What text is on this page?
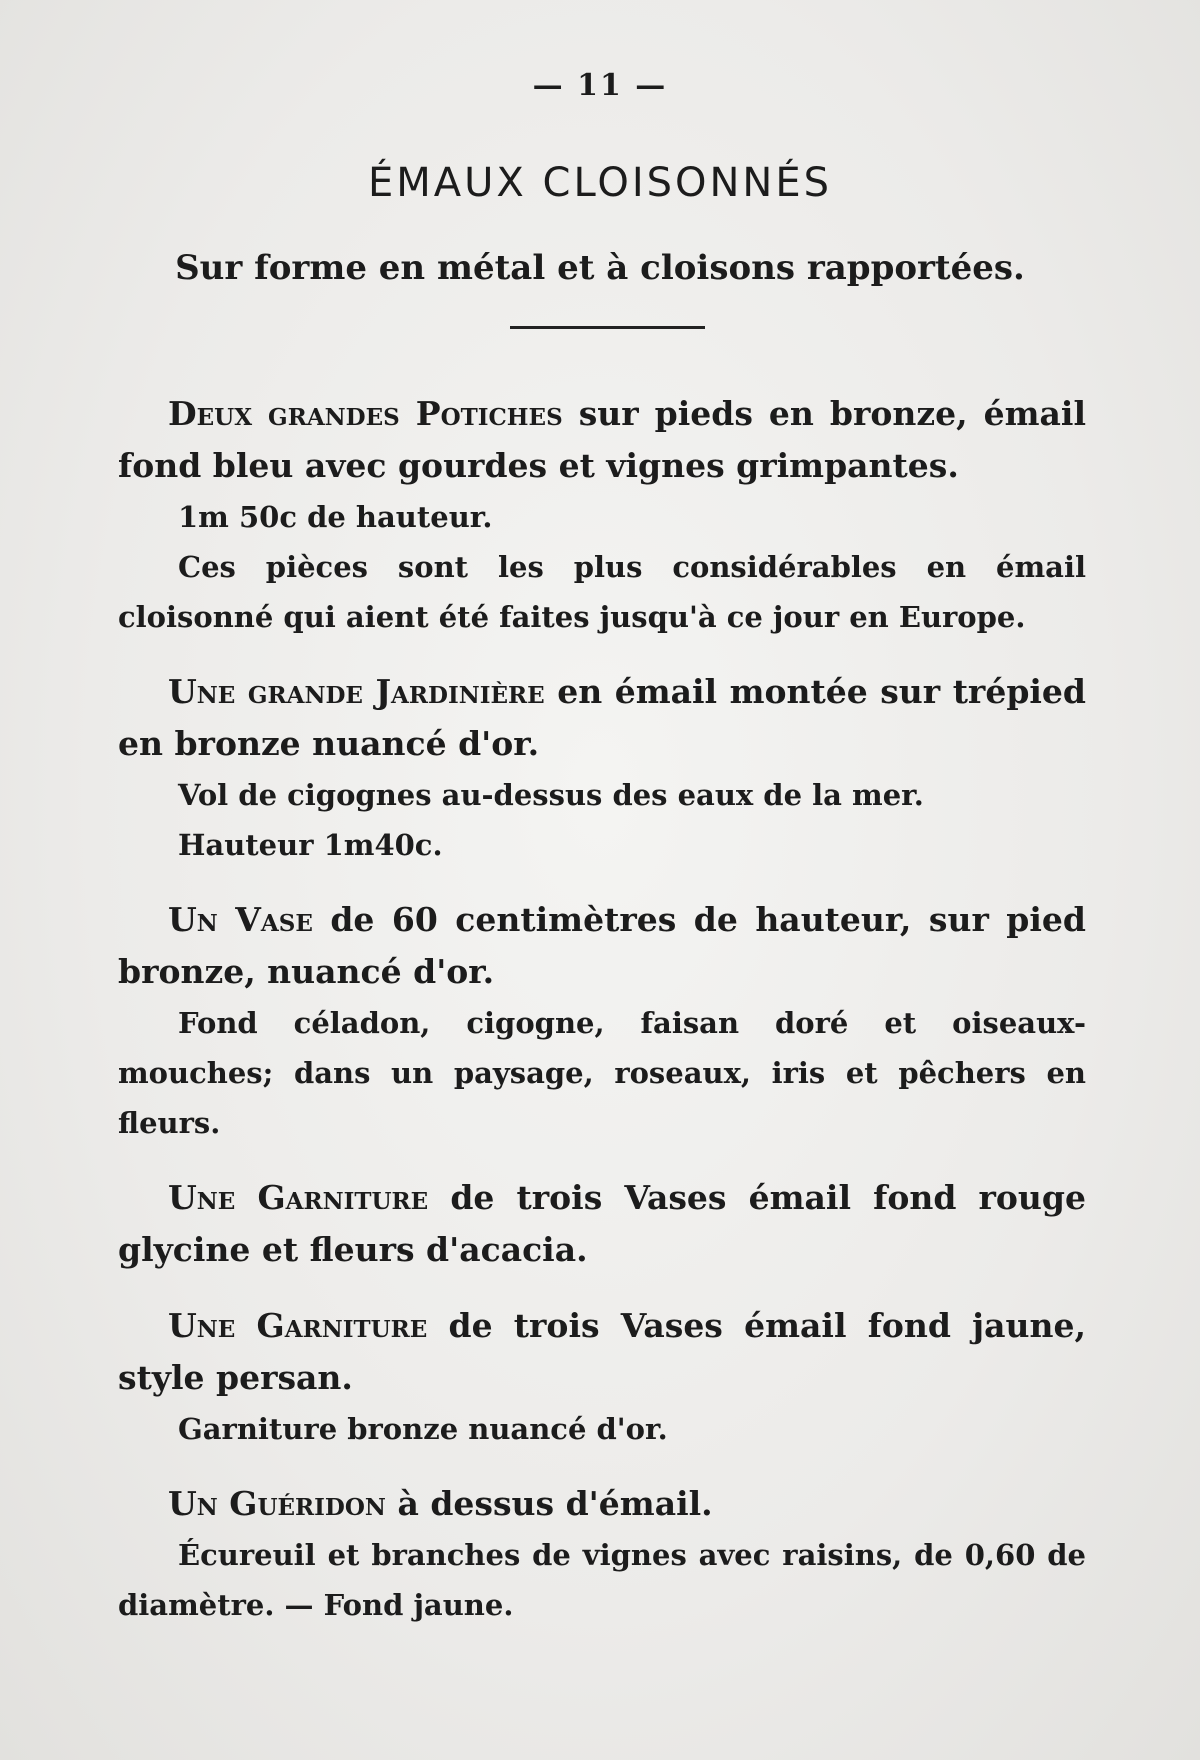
— 11 —
ÉMAUX CLOISONNÉS
Sur forme en métal et à cloisons rapportées.

Deux grandes Potiches sur pieds en bronze, émail fond bleu avec gourdes et vignes grimpantes.

1m 50c de hauteur.

Ces pièces sont les plus considérables en émail cloisonné qui aient été faites jusqu'à ce jour en Europe.

Une grande Jardinière en émail montée sur trépied en bronze nuancé d'or.

Vol de cigognes au-dessus des eaux de la mer.

Hauteur 1m40c.

Un Vase de 60 centimètres de hauteur, sur pied bronze, nuancé d'or.

Fond céladon, cigogne, faisan doré et oiseaux-mouches; dans un paysage, roseaux, iris et pêchers en fleurs.

Une Garniture de trois Vases émail fond rouge glycine et fleurs d'acacia.

Une Garniture de trois Vases émail fond jaune, style persan.

Garniture bronze nuancé d'or.

Un Guéridon à dessus d'émail.

Écureuil et branches de vignes avec raisins, de 0,60 de diamètre. — Fond jaune.
